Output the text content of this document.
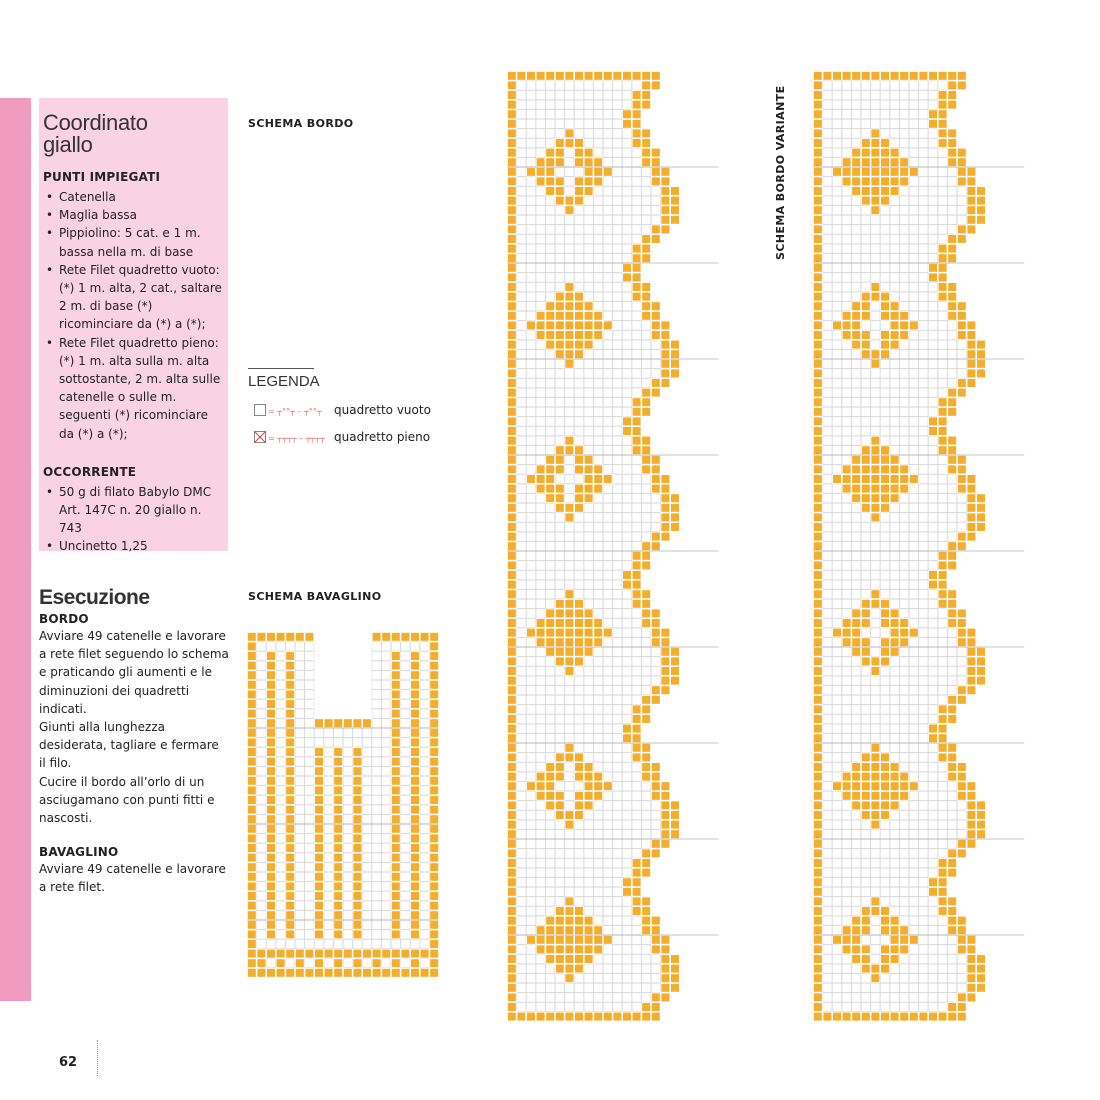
Coordinato
giallo
PUNTI IMPIEGATI
• Catenella
• Maglia bassa
• Pippiolino: 5 cat. e 1 m. bassa nella m. di base
• Rete Filet quadretto vuoto: (*) 1 m. alta, 2 cat., saltare 2 m. di base (*) ricominciare da (*) a (*);
• Rete Filet quadretto pieno: (*) 1 m. alta sulla m. alta sottostante, 2 m. alta sulle catenelle o sulle m. seguenti (*) ricominciare da (*) a (*);
OCCORRENTE
• 50 g di filato Babylo DMC Art. 147C n. 20 giallo n. 743
• Uncinetto 1,25
Esecuzione
BORDO

Avviare 49 catenelle e lavorare a rete filet seguendo lo schema e praticando gli aumenti e le diminuzioni dei quadretti indicati.
Giunti alla lunghezza desiderata, tagliare e fermare il filo.
Cucire il bordo all’orlo di un asciugamano con punti fitti e nascosti.

BAVAGLINO

Avviare 49 catenelle e lavorare a rete filet.

SCHEMA BORDO
SCHEMA BAVAGLINO
SCHEMA BORDO VARIANTE
LEGENDA
= ┬°°┬ – ┬°°┬ quadretto vuoto
= ┬┬┬┬ – ┬┬┬┬ quadretto pieno
62
